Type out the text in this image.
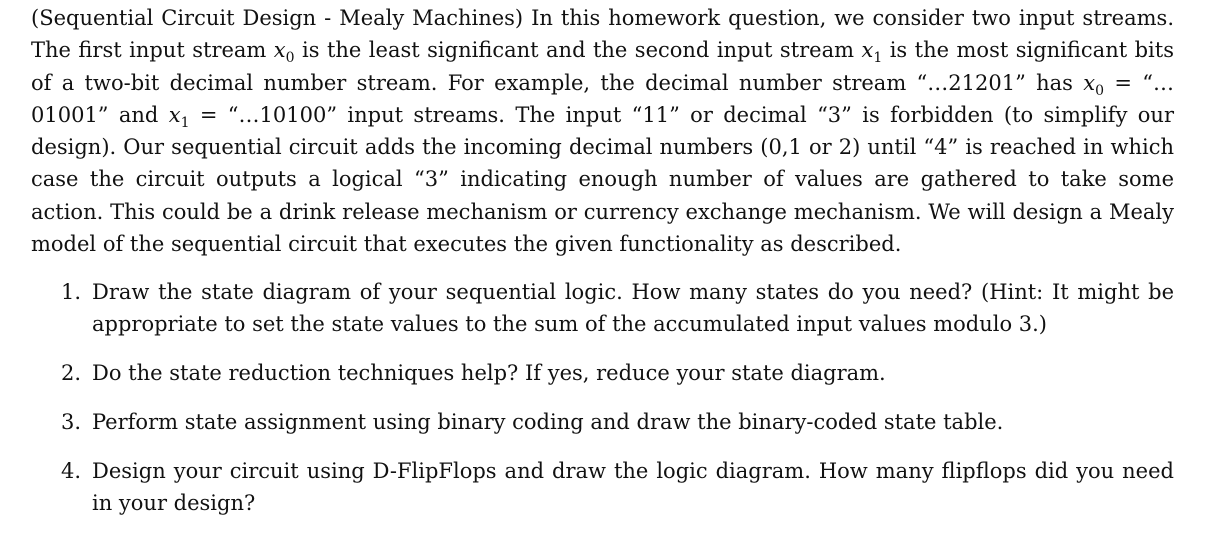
(Sequential Circuit Design - Mealy Machines) In this homework question, we consider two input streams. The first input stream $x_0$ is the least significant and the second input stream $x_1$ is the most significant bits of a two-bit decimal number stream. For example, the decimal number stream “…21201” has $x_0$ = “…01001” and $x_1$ = “…10100” input streams. The input “11” or decimal “3” is forbidden (to simplify our design). Our sequential circuit adds the incoming decimal numbers (0,1 or 2) until “4” is reached in which case the circuit outputs a logical “3” indicating enough number of values are gathered to take some action. This could be a drink release mechanism or currency exchange mechanism. We will design a Mealy model of the sequential circuit that executes the given functionality as described.

1. Draw the state diagram of your sequential logic. How many states do you need? (Hint: It might be appropriate to set the state values to the sum of the accumulated input values modulo 3.)
2. Do the state reduction techniques help? If yes, reduce your state diagram.
3. Perform state assignment using binary coding and draw the binary-coded state table.
4. Design your circuit using D-FlipFlops and draw the logic diagram. How many flipflops did you need in your design?
